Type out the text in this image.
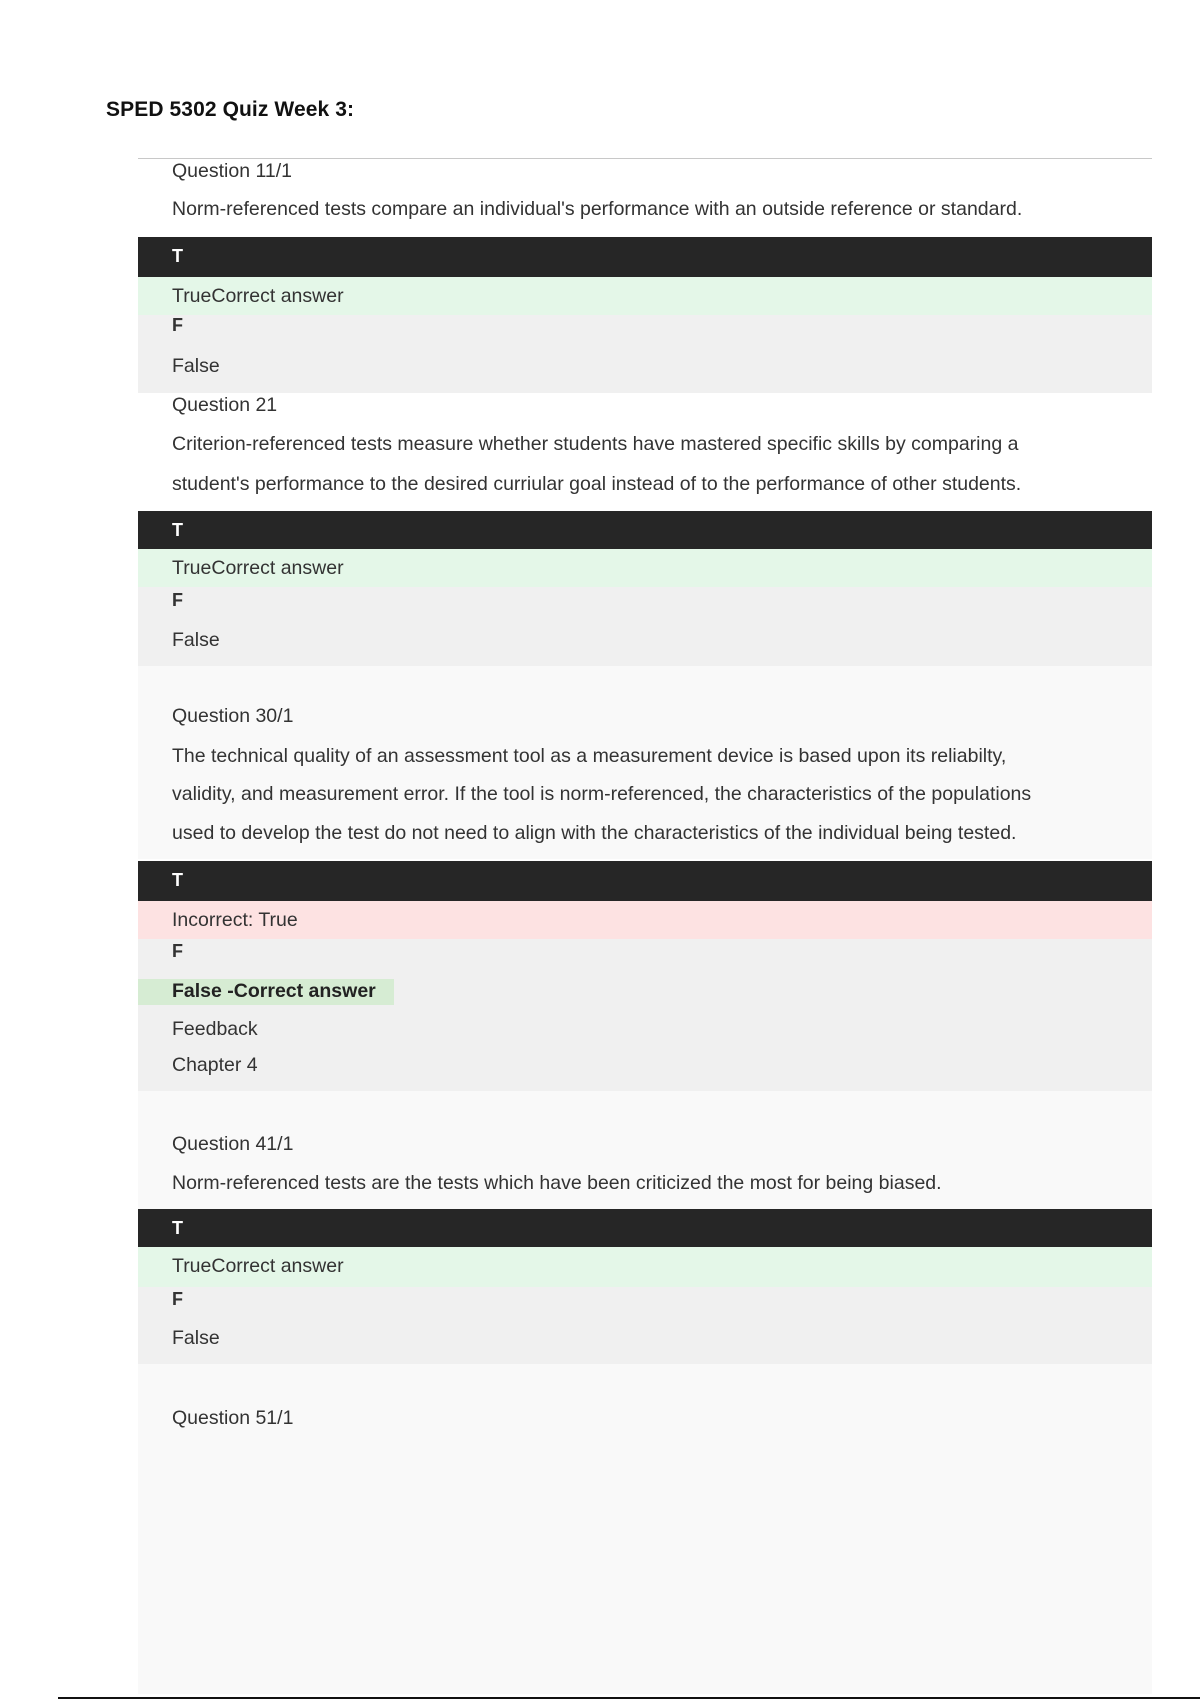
SPED 5302 Quiz Week 3:
Question 11/1
Norm-referenced tests compare an individual's performance with an outside reference or standard.
T
TrueCorrect answer
F
False
Question 21
Criterion-referenced tests measure whether students have mastered specific skills by comparing a
student's performance to the desired curriular goal instead of to the performance of other students.
T
TrueCorrect answer
F
False
Question 30/1
The technical quality of an assessment tool as a measurement device is based upon its reliabilty,
validity, and measurement error. If the tool is norm-referenced, the characteristics of the populations
used to develop the test do not need to align with the characteristics of the individual being tested.
T
Incorrect: True
F
False -Correct answer
Feedback
Chapter 4
Question 41/1
Norm-referenced tests are the tests which have been criticized the most for being biased.
T
TrueCorrect answer
F
False
Question 51/1
